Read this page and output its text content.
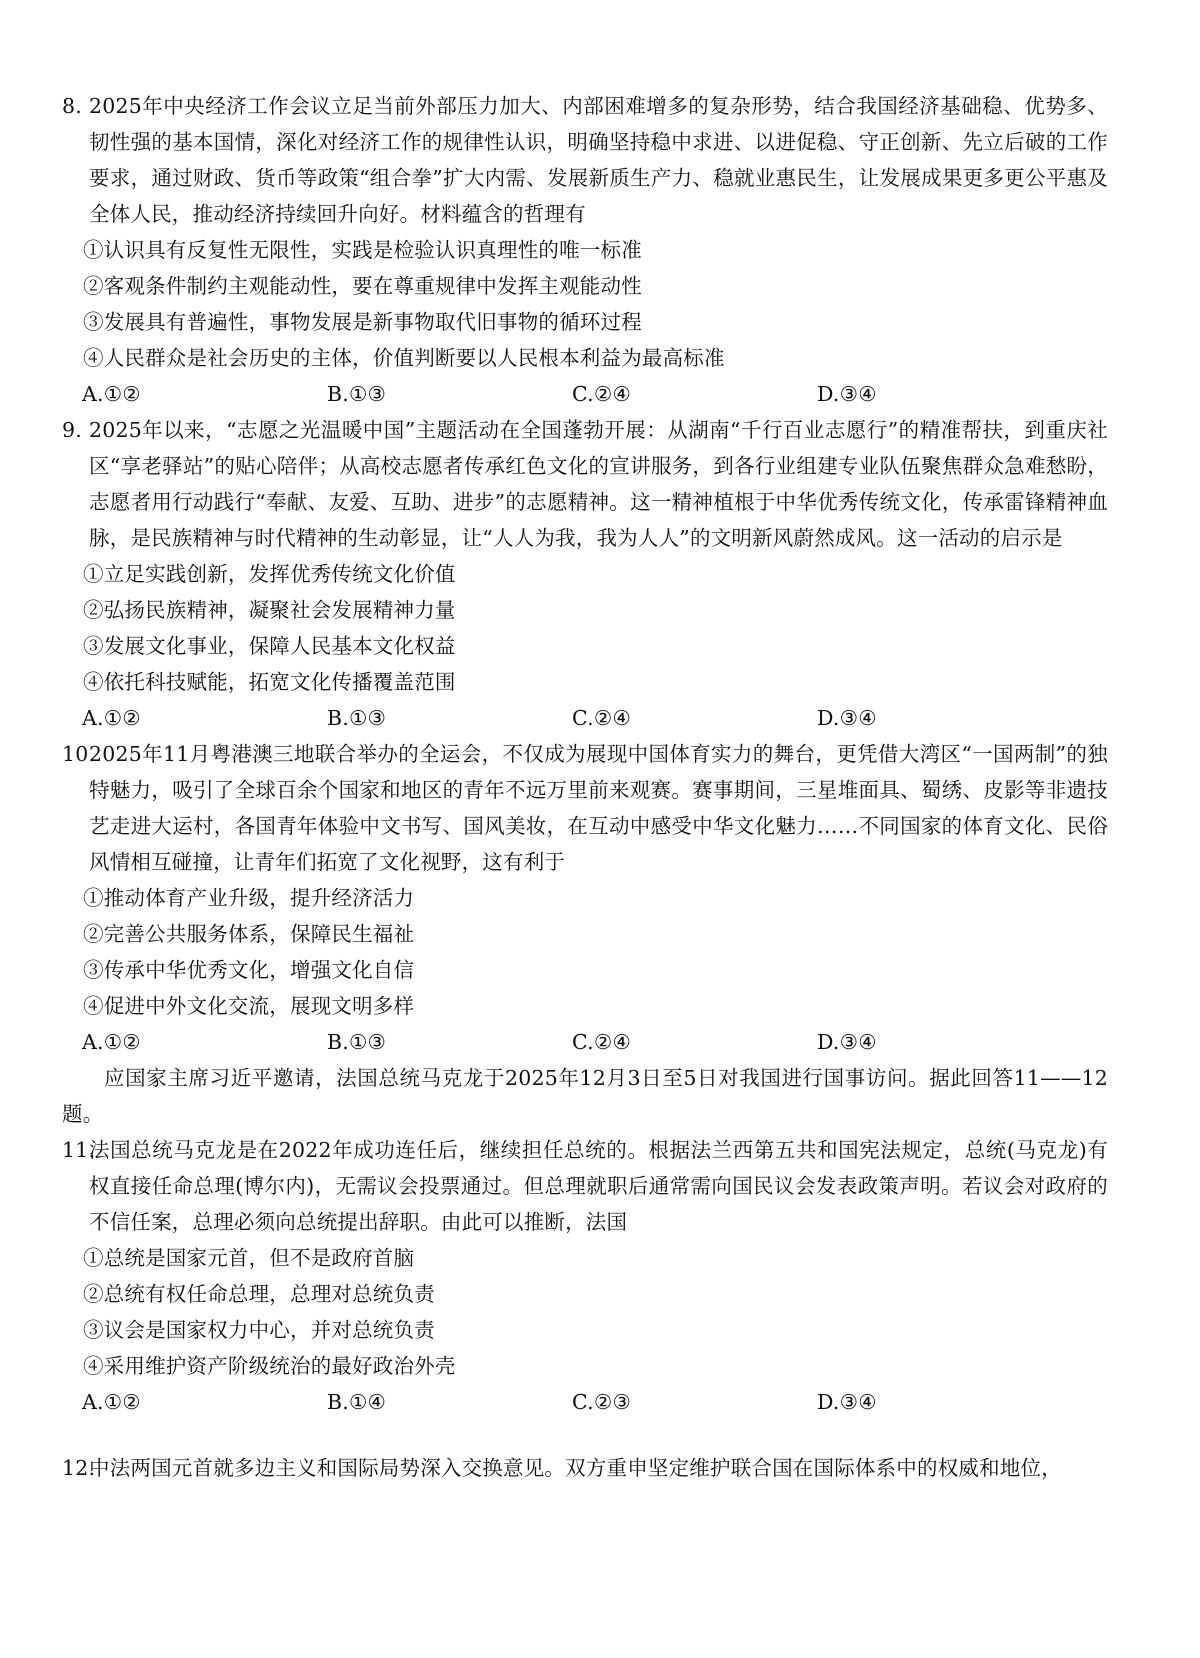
8. 2025年中央经济工作会议立足当前外部压力加大、内部困难增多的复杂形势，结合我国经济基础稳、优势多、韧性强的基本国情，深化对经济工作的规律性认识，明确坚持稳中求进、以进促稳、守正创新、先立后破的工作要求，通过财政、货币等政策“组合拳”扩大内需、发展新质生产力、稳就业惠民生，让发展成果更多更公平惠及全体人民，推动经济持续回升向好。材料蕴含的哲理有
①认识具有反复性无限性，实践是检验认识真理性的唯一标准
②客观条件制约主观能动性，要在尊重规律中发挥主观能动性
③发展具有普遍性，事物发展是新事物取代旧事物的循环过程
④人民群众是社会历史的主体，价值判断要以人民根本利益为最高标准
A.①②	B.①③	C.②④	D.③④
9. 2025年以来，“志愿之光温暖中国”主题活动在全国蓬勃开展：从湖南“千行百业志愿行”的精准帮扶，到重庆社区“享老驿站”的贴心陪伴；从高校志愿者传承红色文化的宣讲服务，到各行业组建专业队伍聚焦群众急难愁盼，志愿者用行动践行“奉献、友爱、互助、进步”的志愿精神。这一精神植根于中华优秀传统文化，传承雷锋精神血脉，是民族精神与时代精神的生动彰显，让“人人为我，我为人人”的文明新风蔚然成风。这一活动的启示是
①立足实践创新，发挥优秀传统文化价值
②弘扬民族精神，凝聚社会发展精神力量
③发展文化事业，保障人民基本文化权益
④依托科技赋能，拓宽文化传播覆盖范围
A.①②	B.①③	C.②④	D.③④
10.
2025年11月粤港澳三地联合举办的全运会，不仅成为展现中国体育实力的舞台，更凭借大湾区“一国两制”的独特魅力，吸引了全球百余个国家和地区的青年不远万里前来观赛。赛事期间，三星堆面具、蜀绣、皮影等非遗技艺走进大运村，各国青年体验中文书写、国风美妆，在互动中感受中华文化魅力……不同国家的体育文化、民俗风情相互碰撞，让青年们拓宽了文化视野，这有利于
①推动体育产业升级，提升经济活力
②完善公共服务体系，保障民生福祉
③传承中华优秀文化，增强文化自信
④促进中外文化交流，展现文明多样
A.①②	B.①③	C.②④	D.③④
应国家主席习近平邀请，法国总统马克龙于2025年12月3日至5日对我国进行国事访问。据此回答11——12题。
11.
法国总统马克龙是在2022年成功连任后，继续担任总统的。根据法兰西第五共和国宪法规定，总统(马克龙)有权直接任命总理(博尔内)，无需议会投票通过。但总理就职后通常需向国民议会发表政策声明。若议会对政府的不信任案，总理必须向总统提出辞职。由此可以推断，法国
①总统是国家元首，但不是政府首脑
②总统有权任命总理，总理对总统负责
③议会是国家权力中心，并对总统负责
④采用维护资产阶级统治的最好政治外壳
A.①②	B.①④	C.②③	D.③④
12.
中法两国元首就多边主义和国际局势深入交换意见。双方重申坚定维护联合国在国际体系中的权威和地位，
